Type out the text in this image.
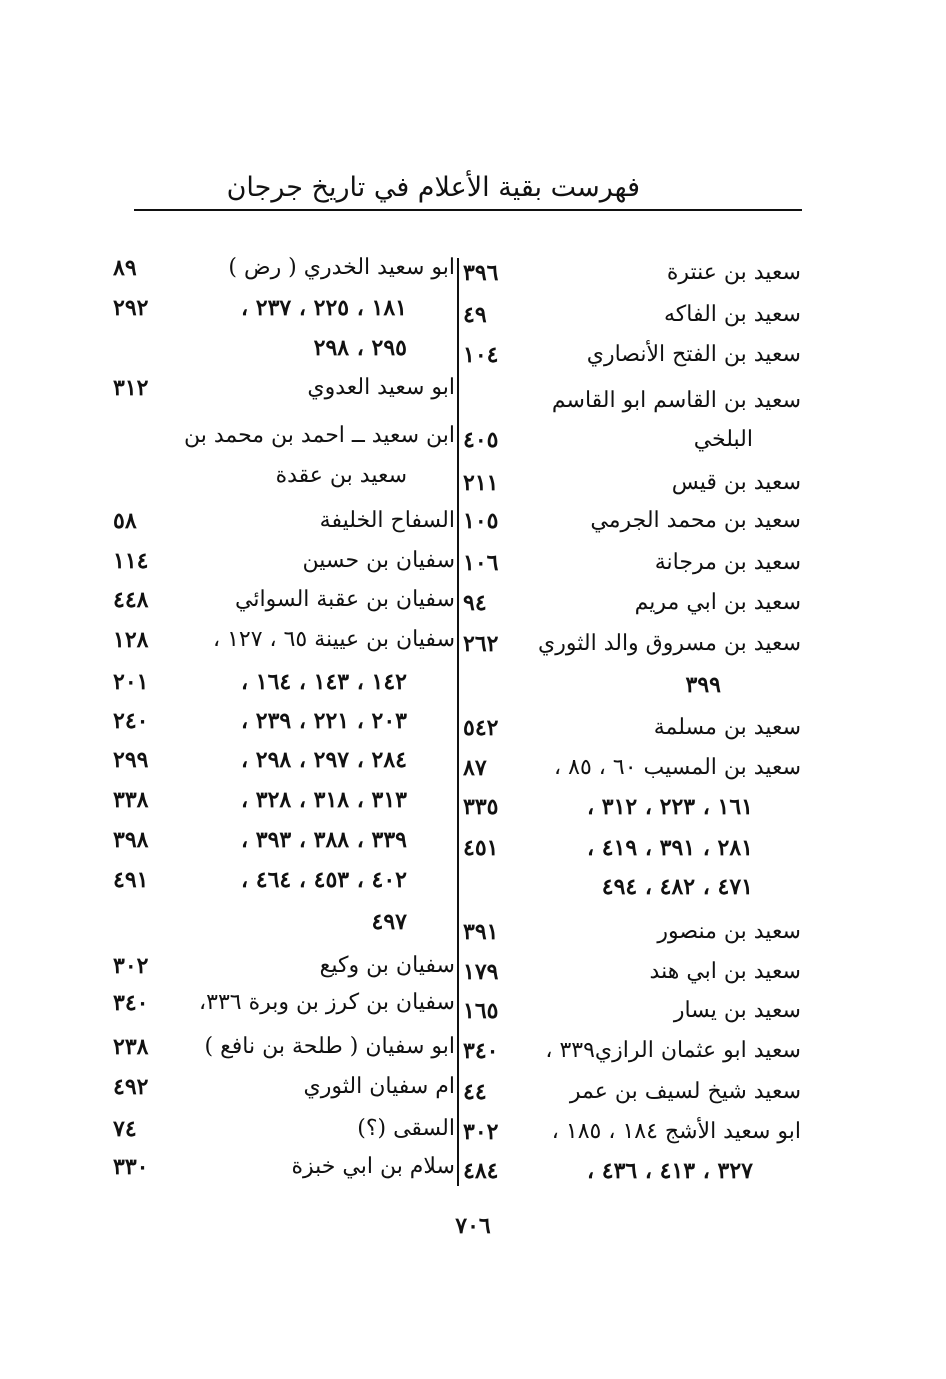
فهرست بقية الأعلام في تاريخ جرجان
سعيد بن عنترة
٣٩٦
سعيد بن الفاكه
٤٩
سعيد بن الفتح الأنصاري
١٠٤
سعيد بن القاسم ابو القاسم
البلخي
٤٠٥
سعيد بن قيس
٢١١
سعيد بن محمد الجرمي
١٠٥
سعيد بن مرجانة
١٠٦
سعيد بن ابي مريم
٩٤
سعيد بن مسروق والد الثوري
٢٦٢
٣٩٩
سعيد بن مسلمة
٥٤٢
سعيد بن المسيب ٦٠ ، ٨٥ ،
٨٧
١٦١ ، ٢٢٣ ، ٣١٢ ،
٣٣٥
٢٨١ ، ٣٩١ ، ٤١٩ ،
٤٥١
٤٧١ ، ٤٨٢ ، ٤٩٤
سعيد بن منصور
٣٩١
سعيد بن ابي هند
١٧٩
سعيد بن يسار
١٦٥
سعيد ابو عثمان الرازي٣٣٩ ،
٣٤٠
سعيد شيخ لسيف بن عمر
٤٤
ابو سعيد الأشج ١٨٤ ، ١٨٥ ،
٣٠٢
٣٢٧ ، ٤١٣ ، ٤٣٦ ،
٤٨٤
ابو سعيد الخدري ( رض )
٨٩
١٨١ ، ٢٢٥ ، ٢٣٧ ،
٢٩٢
٢٩٥ ، ٢٩٨
ابو سعيد العدوي
٣١٢
ابن سعيد ــ احمد بن محمد بن
سعيد بن عقدة
السفاح الخليفة
٥٨
سفيان بن حسين
١١٤
سفيان بن عقبة السوائي
٤٤٨
سفيان بن عيينة ٦٥ ، ١٢٧ ،
١٢٨
١٤٢ ، ١٤٣ ، ١٦٤ ،
٢٠١
٢٠٣ ، ٢٢١ ، ٢٣٩ ،
٢٤٠
٢٨٤ ، ٢٩٧ ، ٢٩٨ ،
٢٩٩
٣١٣ ، ٣١٨ ، ٣٢٨ ،
٣٣٨
٣٣٩ ، ٣٨٨ ، ٣٩٣ ،
٣٩٨
٤٠٢ ، ٤٥٣ ، ٤٦٤ ،
٤٩١
٤٩٧
سفيان بن وكيع
٣٠٢
سفيان بن كرز بن وبرة ٣٣٦،
٣٤٠
ابو سفيان ( طلحة بن نافع )
٢٣٨
ام سفيان الثوري
٤٩٢
السقى (؟)
٧٤
سلام بن ابي خبزة
٣٣٠
٧٠٦
